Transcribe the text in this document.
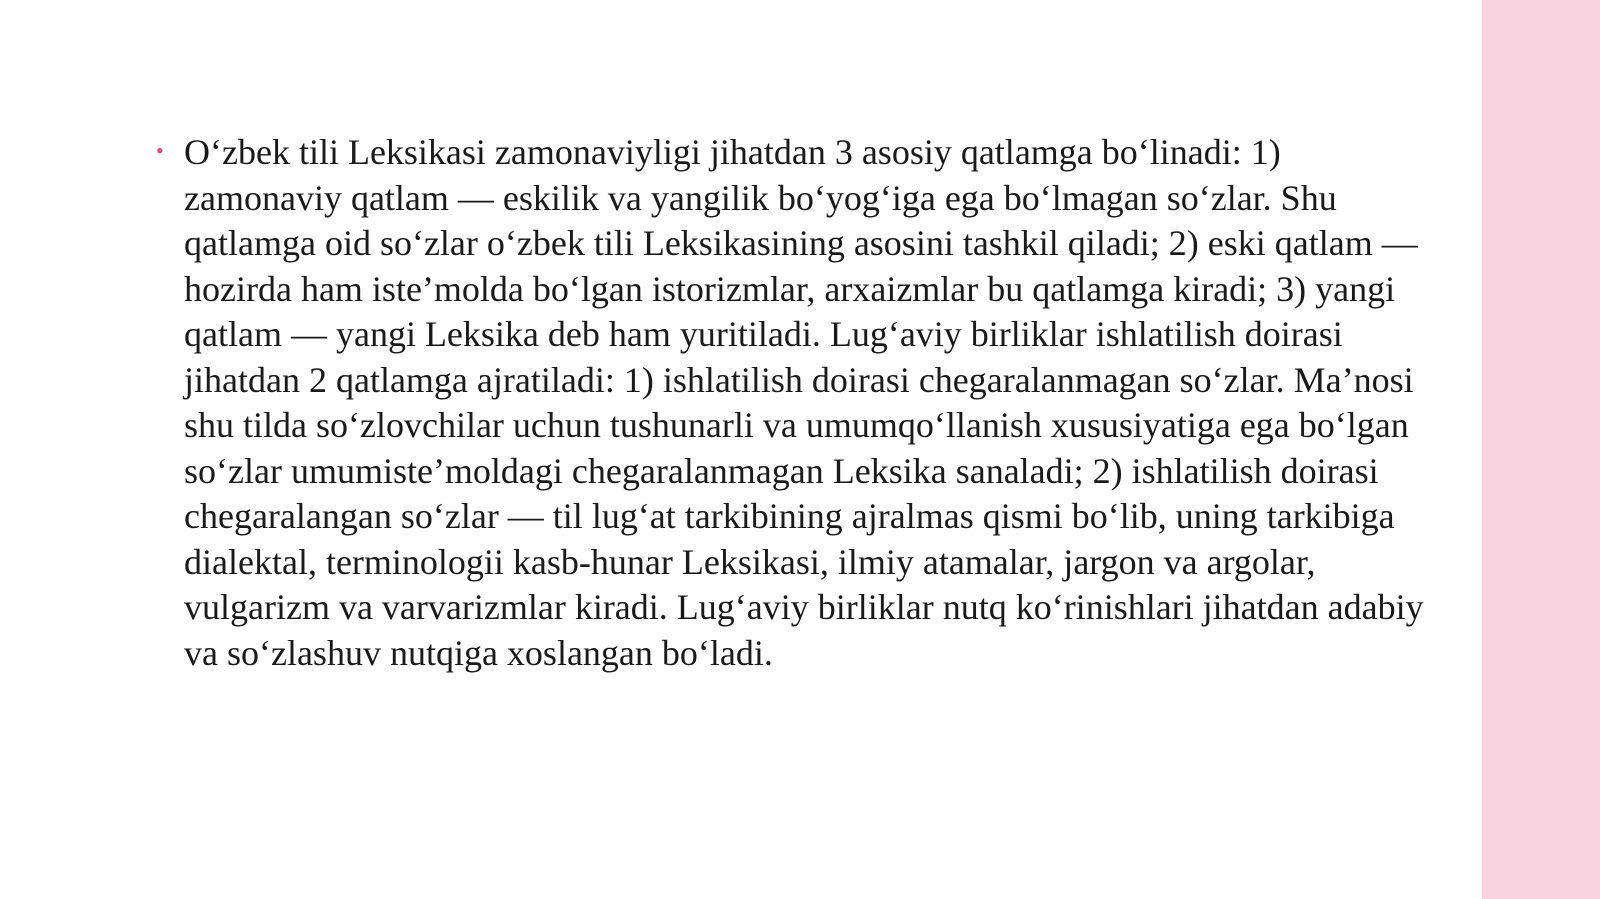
• O‘zbek tili Leksikasi zamonaviyligi jihatdan 3 asosiy qatlamga bo‘linadi: 1) zamonaviy qatlam — eskilik va yangilik bo‘yog‘iga ega bo‘lmagan so‘zlar. Shu qatlamga oid so‘zlar o‘zbek tili Leksikasining asosini tashkil qiladi; 2) eski qatlam — hozirda ham iste’molda bo‘lgan istorizmlar, arxaizmlar bu qatlamga kiradi; 3) yangi qatlam — yangi Leksika deb ham yuritiladi. Lug‘aviy birliklar ishlatilish doirasi jihatdan 2 qatlamga ajratiladi: 1) ishlatilish doirasi chegaralanmagan so‘zlar. Ma’nosi shu tilda so‘zlovchilar uchun tushunarli va umumqo‘llanish xususiyatiga ega bo‘lgan so‘zlar umumiste’moldagi chegaralanmagan Leksika sanaladi; 2) ishlatilish doirasi chegaralangan so‘zlar — til lug‘at tarkibining ajralmas qismi bo‘lib, uning tarkibiga dialektal, terminologii kasb-hunar Leksikasi, ilmiy atamalar, jargon va argolar, vulgarizm va varvarizmlar kiradi. Lug‘aviy birliklar nutq ko‘rinishlari jihatdan adabiy va so‘zlashuv nutqiga xoslangan bo‘ladi.
